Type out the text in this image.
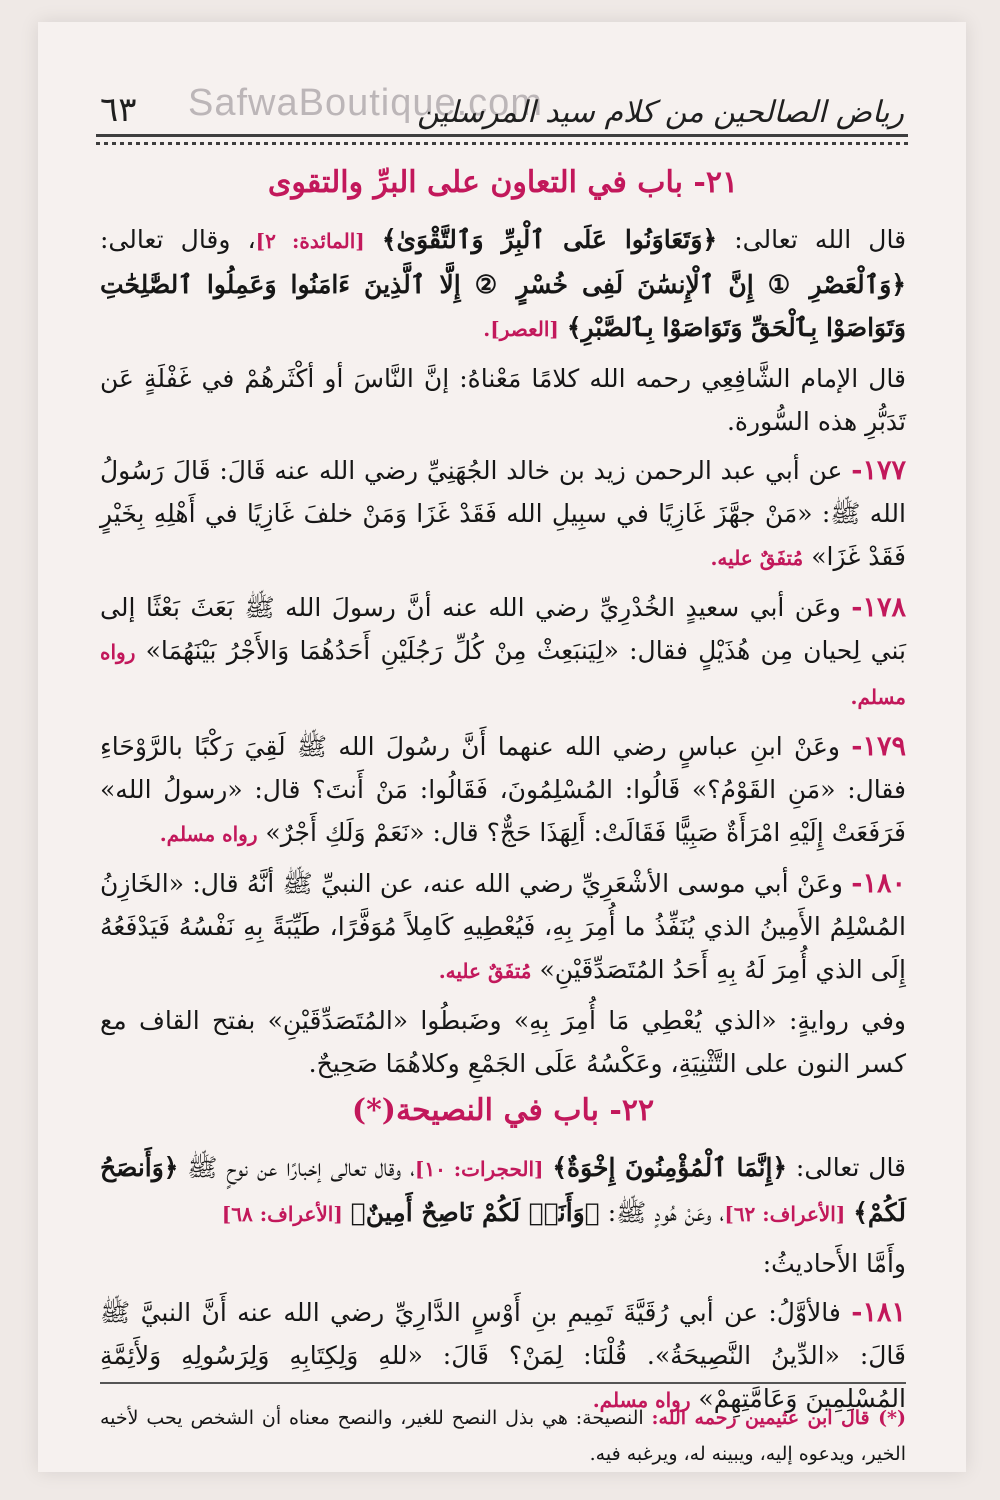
SafwaBoutique.com
٦٣	رياض الصالحين من كلام سيد المرسلين
٢١- باب في التعاون على البرِّ والتقوى

قال الله تعالى: ﴿وَتَعَاوَنُوا عَلَى ٱلْبِرِّ وَٱلتَّقْوَىٰ﴾ [المائدة: ٢]، وقال تعالى: ﴿وَٱلْعَصْرِ ① إِنَّ ٱلْإِنسَٰنَ لَفِى خُسْرٍ ② إِلَّا ٱلَّذِينَ ءَامَنُوا وَعَمِلُوا ٱلصَّٰلِحَٰتِ وَتَوَاصَوْا بِٱلْحَقِّ وَتَوَاصَوْا بِٱلصَّبْرِ﴾ [العصر].

قال الإمام الشَّافِعِي رحمه الله كلامًا مَعْناهُ: إنَّ النَّاسَ أو أكْثَرهُمْ في غَفْلَةٍ عَن تَدَبُّرِ هذه السُّورة.

١٧٧- عن أبي عبد الرحمن زيد بن خالد الجُهَنِيِّ رضي الله عنه قَالَ: قَالَ رَسُولُ الله ﷺ: «مَنْ جهَّزَ غَازِيًا في سبِيلِ الله فَقَدْ غَزَا وَمَنْ خلفَ غَازِيًا في أَهْلِهِ بِخَيْرٍ فَقَدْ غَزَا» مُتفَقٌ عليه.

١٧٨- وعَن أبي سعيدٍ الخُدْرِيِّ رضي الله عنه أنَّ رسولَ الله ﷺ بَعَثَ بَعْثًا إلى بَني لِحيان مِن هُذَيْلٍ فقال: «لِيَنبَعِثْ مِنْ كُلِّ رَجُلَيْنِ أَحَدُهُمَا وَالأَجْرُ بَيْنَهُمَا» رواه مسلم.

١٧٩- وعَنْ ابنِ عباسٍ رضي الله عنهما أَنَّ رسُولَ الله ﷺ لَقِيَ رَكْبًا بالرَّوْحَاءِ فقال: «مَنِ القَوْمُ؟» قَالُوا: المُسْلِمُونَ، فَقَالُوا: مَنْ أَنتَ؟ قال: «رسولُ الله» فَرَفَعَتْ إِلَيْهِ امْرَأَةٌ صَبِيًّا فَقَالَتْ: أَلِهَذَا حَجٌّ؟ قال: «نَعَمْ وَلَكِ أَجْرٌ» رواه مسلم.

١٨٠- وعَنْ أبي موسى الأشْعَرِيِّ رضي الله عنه، عن النبيِّ ﷺ أنَّهُ قال: «الخَازِنُ المُسْلِمُ الأَمِينُ الذي يُنَفِّذُ ما أُمِرَ بِهِ، فَيُعْطِيهِ كَامِلاً مُوَفَّرًا، طَيِّبَةً بِهِ نَفْسُهُ فَيَدْفَعُهُ إِلَى الذي أُمِرَ لَهُ بِهِ أَحَدُ المُتَصَدِّقَيْنِ» مُتفَقٌ عليه.

وفي روايةٍ: «الذي يُعْطِي مَا أُمِرَ بِهِ» وضَبطُوا «المُتَصَدِّقَيْنِ» بفتح القاف مع كسر النون على التَّثْنِيَةِ، وعَكْسُهُ عَلَى الجَمْعِ وكلاهُمَا صَحِيحٌ.

٢٢- باب في النصيحة(*)

قال تعالى: ﴿إِنَّمَا ٱلْمُؤْمِنُونَ إِخْوَةٌ﴾ [الحجرات: ١٠]، وقال تعالى إخبارًا عن نوحٍ ﷺ ﴿وَأَنصَحُ لَكُمْ﴾ [الأعراف: ٦٢]، وعَنْ هُودٍ ﷺ: ﴿وَأَنَا۠ لَكُمْ نَاصِحٌ أَمِينٌ﴾ [الأعراف: ٦٨]

وأَمَّا الأَحاديثُ:

١٨١- فالأوَّلُ: عن أبي رُقَيَّةَ تَمِيمِ بنِ أَوْسٍ الدَّارِيِّ رضي الله عنه أَنَّ النبيَّ ﷺ قَالَ: «الدِّينُ النَّصِيحَةُ». قُلْنَا: لِمَنْ؟ قَالَ: «للهِ وَلِكِتَابِهِ وَلِرَسُولِهِ وَلأَئِمَّةِ المُسْلِمِينَ وَعَامَّتِهِمْ» رواه مسلم.

(*) قال ابن عثيمين رحمه الله: النصيحة: هي بذل النصح للغير، والنصح معناه أن الشخص يحب لأخيه الخير، ويدعوه إليه، ويبينه له، ويرغبه فيه.
